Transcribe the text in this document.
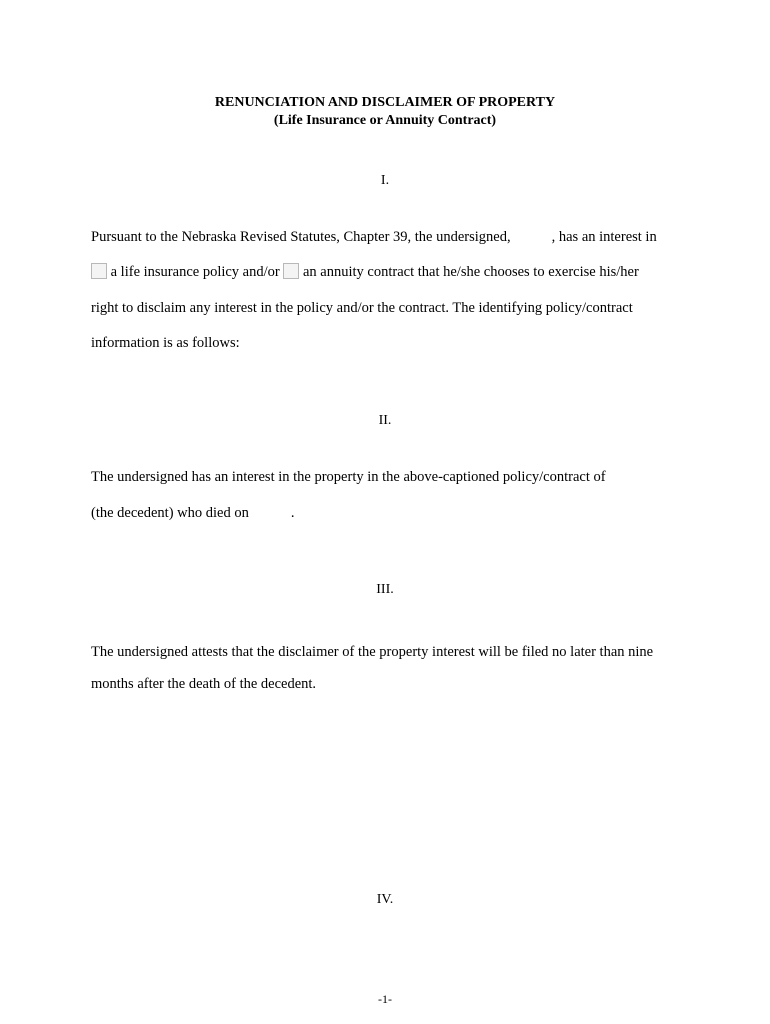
RENUNCIATION AND DISCLAIMER OF PROPERTY
(Life Insurance or Annuity Contract)
I.
Pursuant to the Nebraska Revised Statutes, Chapter 39, the undersigned,	, has an interest in
a life insurance policy and/or an annuity contract that he/she chooses to exercise his/her
right to disclaim any interest in the policy and/or the contract. The identifying policy/contract
information is as follows:
II.
The undersigned has an interest in the property in the above-captioned policy/contract of
(the decedent) who died on	.
III.
The undersigned attests that the disclaimer of the property interest will be filed no later than nine
months after the death of the decedent.
IV.
-1-
